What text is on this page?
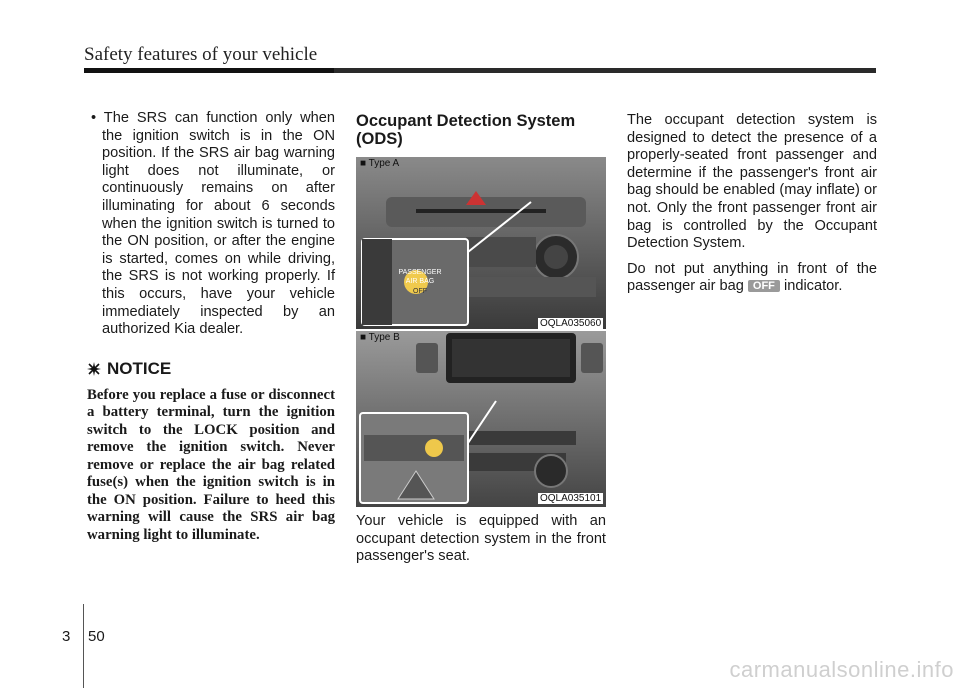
Safety features of your vehicle
• The SRS can function only when the ignition switch is in the ON position. If the SRS air bag warning light does not illuminate, or continuously remains on after illuminating for about 6 seconds when the ignition switch is turned to the ON position, or after the engine is started, comes on while driving, the SRS is not working properly. If this occurs, have your vehicle immediately inspected by an authorized Kia dealer.
NOTICE
Before you replace a fuse or disconnect a battery terminal, turn the ignition switch to the LOCK position and remove the ignition switch. Never remove or replace the air bag related fuse(s) when the ignition switch is in the ON position. Failure to heed this warning will cause the SRS air bag warning light to illuminate.
Occupant Detection System (ODS)
PASSENGER
AIR BAG
OFF
■ Type A
OQLA035060
■ Type B
OQLA035101
Your vehicle is equipped with an occupant detection system in the front passenger's seat.

The occupant detection system is designed to detect the presence of a properly-seated front passenger and determine if the passenger's front air bag should be enabled (may inflate) or not. Only the front passenger front air bag is controlled by the Occupant Detection System.

Do not put anything in front of the passenger air bag OFF indicator.

3 50
carmanualsonline.info
